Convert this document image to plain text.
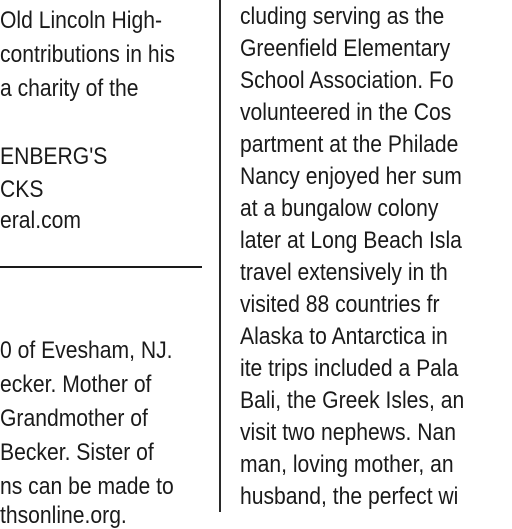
Old Lincoln High-
contributions in his
a charity of the
ENBERG'S
CKS
eral.com
0 of Evesham, NJ.
ecker. Mother of
Grandmother of
Becker. Sister of
ns can be made to
thsonline.org.
cluding serving as the
Greenfield Elementary
School Association. Fo
volunteered in the Cos
partment at the Philade
Nancy enjoyed her sum
at a bungalow colony
later at Long Beach Isla
travel extensively in th
visited 88 countries fr
Alaska to Antarctica in
ite trips included a Pala
Bali, the Greek Isles, an
visit two nephews. Nan
man, loving mother, an
husband, the perfect wi
